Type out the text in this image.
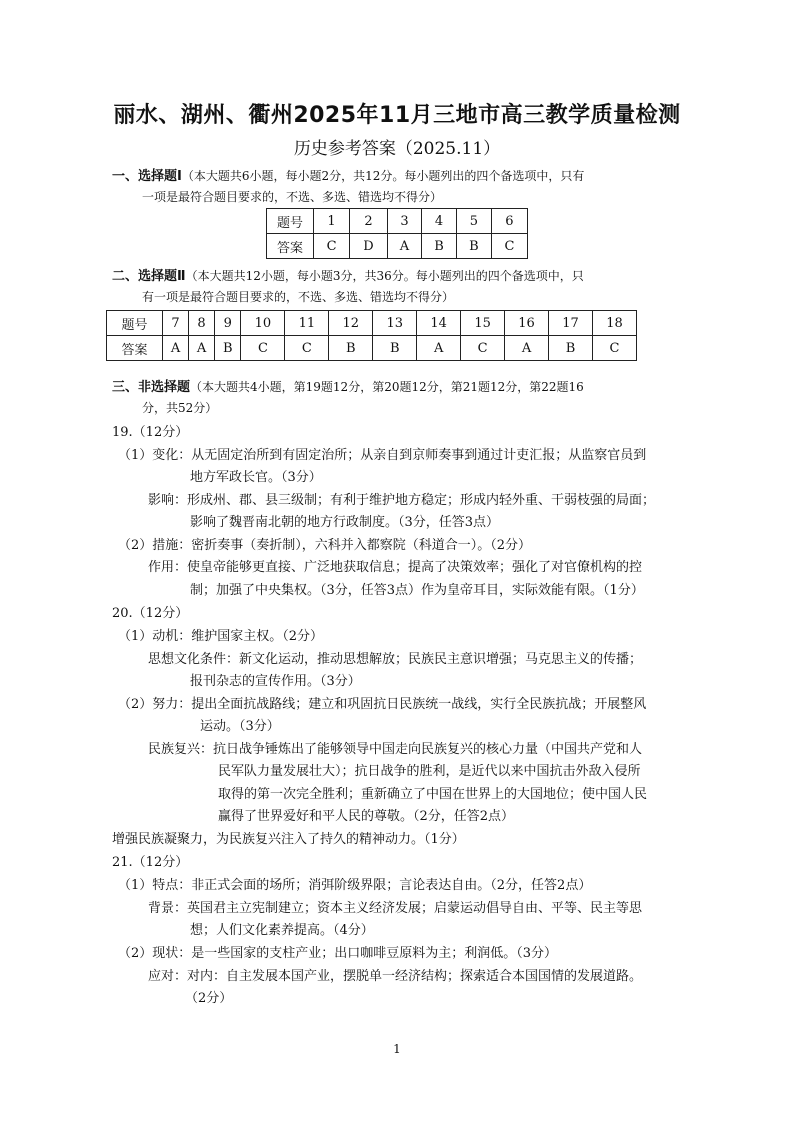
丽水、湖州、衢州2025年11月三地市高三教学质量检测
历史参考答案（2025.11）
一、选择题Ⅰ（本大题共6小题，每小题2分，共12分。每小题列出的四个备选项中，只有
一项是最符合题目要求的，不选、多选、错选均不得分）
题号	1	2	3	4	5	6
答案	C	D	A	B	B	C
二、选择题Ⅱ（本大题共12小题，每小题3分，共36分。每小题列出的四个备选项中，只
有一项是最符合题目要求的，不选、多选、错选均不得分）
题号	7	8	9	10	11	12	13	14	15	16	17	18
答案	A	A	B	C	C	B	B	A	C	A	B	C
三、非选择题（本大题共4小题，第19题12分，第20题12分，第21题12分，第22题16
分，共52分）
19.（12分）
（1）变化：从无固定治所到有固定治所；从亲自到京师奏事到通过计吏汇报；从监察官员到
地方军政长官。（3分）
影响：形成州、郡、县三级制；有利于维护地方稳定；形成内轻外重、干弱枝强的局面；
影响了魏晋南北朝的地方行政制度。（3分，任答3点）
（2）措施：密折奏事（奏折制），六科并入都察院（科道合一）。（2分）
作用：使皇帝能够更直接、广泛地获取信息；提高了决策效率；强化了对官僚机构的控
制；加强了中央集权。（3分，任答3点）作为皇帝耳目，实际效能有限。（1分）
20.（12分）
（1）动机：维护国家主权。（2分）
思想文化条件：新文化运动，推动思想解放；民族民主意识增强；马克思主义的传播；
报刊杂志的宣传作用。（3分）
（2）努力：提出全面抗战路线；建立和巩固抗日民族统一战线，实行全民族抗战；开展整风
运动。（3分）
民族复兴：抗日战争锤炼出了能够领导中国走向民族复兴的核心力量（中国共产党和人
民军队力量发展壮大）；抗日战争的胜利，是近代以来中国抗击外敌入侵所
取得的第一次完全胜利；重新确立了中国在世界上的大国地位；使中国人民
赢得了世界爱好和平人民的尊敬。（2分，任答2点）
增强民族凝聚力，为民族复兴注入了持久的精神动力。（1分）
21.（12分）
（1）特点：非正式会面的场所；消弭阶级界限；言论表达自由。（2分，任答2点）
背景：英国君主立宪制建立；资本主义经济发展；启蒙运动倡导自由、平等、民主等思
想；人们文化素养提高。（4分）
（2）现状：是一些国家的支柱产业；出口咖啡豆原料为主；利润低。（3分）
应对：对内：自主发展本国产业，摆脱单一经济结构；探索适合本国国情的发展道路。
（2分）
1
